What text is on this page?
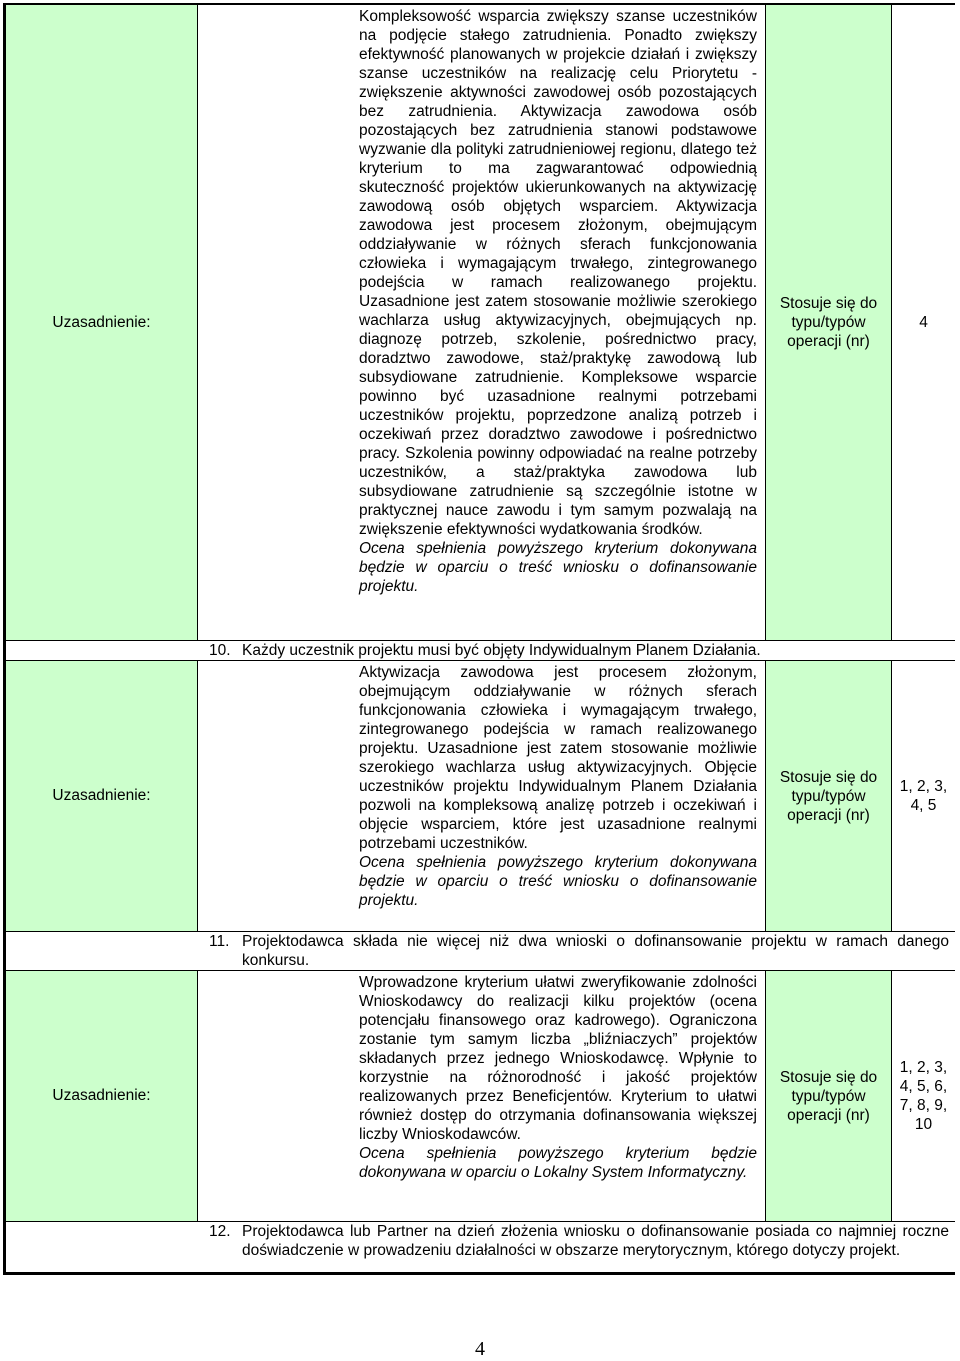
Uzasadnienie:

Kompleksowość wsparcia zwiększy szanse uczestników na podjęcie stałego zatrudnienia. Ponadto zwiększy efektywność planowanych w projekcie działań i zwiększy szanse uczestników na realizację celu Priorytetu - zwiększenie aktywności zawodowej osób pozostających bez zatrudnienia. Aktywizacja zawodowa osób pozostających bez zatrudnienia stanowi podstawowe wyzwanie dla polityki zatrudnieniowej regionu, dlatego też kryterium to ma zagwarantować odpowiednią skuteczność projektów ukierunkowanych na aktywizację zawodową osób objętych wsparciem. Aktywizacja zawodowa jest procesem złożonym, obejmującym oddziaływanie w różnych sferach funkcjonowania człowieka i wymagającym trwałego, zintegrowanego podejścia w ramach realizowanego projektu. Uzasadnione jest zatem stosowanie możliwie szerokiego wachlarza usług aktywizacyjnych, obejmujących np. diagnozę potrzeb, szkolenie, pośrednictwo pracy, doradztwo zawodowe, staż/praktykę zawodową lub subsydiowane zatrudnienie. Kompleksowe wsparcie powinno być uzasadnione realnymi potrzebami uczestników projektu, poprzedzone analizą potrzeb i oczekiwań przez doradztwo zawodowe i pośrednictwo pracy. Szkolenia powinny odpowiadać na realne potrzeby uczestników, a staż/praktyka zawodowa lub subsydiowane zatrudnienie są szczególnie istotne w praktycznej nauce zawodu i tym samym pozwalają na zwiększenie efektywności wydatkowania środków.

Ocena spełnienia powyższego kryterium dokonywana będzie w oparciu o treść wniosku o dofinansowanie projektu.

Stosuje się do typu/typów operacji (nr)
4
10. Każdy uczestnik projektu musi być objęty Indywidualnym Planem Działania.
Uzasadnienie:

Aktywizacja zawodowa jest procesem złożonym, obejmującym oddziaływanie w różnych sferach funkcjonowania człowieka i wymagającym trwałego, zintegrowanego podejścia w ramach realizowanego projektu. Uzasadnione jest zatem stosowanie możliwie szerokiego wachlarza usług aktywizacyjnych. Objęcie uczestników projektu Indywidualnym Planem Działania pozwoli na kompleksową analizę potrzeb i oczekiwań i objęcie wsparciem, które jest uzasadnione realnymi potrzebami uczestników.

Ocena spełnienia powyższego kryterium dokonywana będzie w oparciu o treść wniosku o dofinansowanie projektu.

Stosuje się do typu/typów operacji (nr)
1, 2, 3, 4, 5
11. Projektodawca składa nie więcej niż dwa wnioski o dofinansowanie projektu w ramach danego konkursu.
Uzasadnienie:

Wprowadzone kryterium ułatwi zweryfikowanie zdolności Wnioskodawcy do realizacji kilku projektów (ocena potencjału finansowego oraz kadrowego). Ograniczona zostanie tym samym liczba „bliźniaczych” projektów składanych przez jednego Wnioskodawcę. Wpłynie to korzystnie na różnorodność i jakość projektów realizowanych przez Beneficjentów. Kryterium to ułatwi również dostęp do otrzymania dofinansowania większej liczby Wnioskodawców.

Ocena spełnienia powyższego kryterium będzie dokonywana w oparciu o Lokalny System Informatyczny.

Stosuje się do typu/typów operacji (nr)
1, 2, 3, 4, 5, 6, 7, 8, 9, 10
12. Projektodawca lub Partner na dzień złożenia wniosku o dofinansowanie posiada co najmniej roczne doświadczenie w prowadzeniu działalności w obszarze merytorycznym, którego dotyczy projekt.
4
